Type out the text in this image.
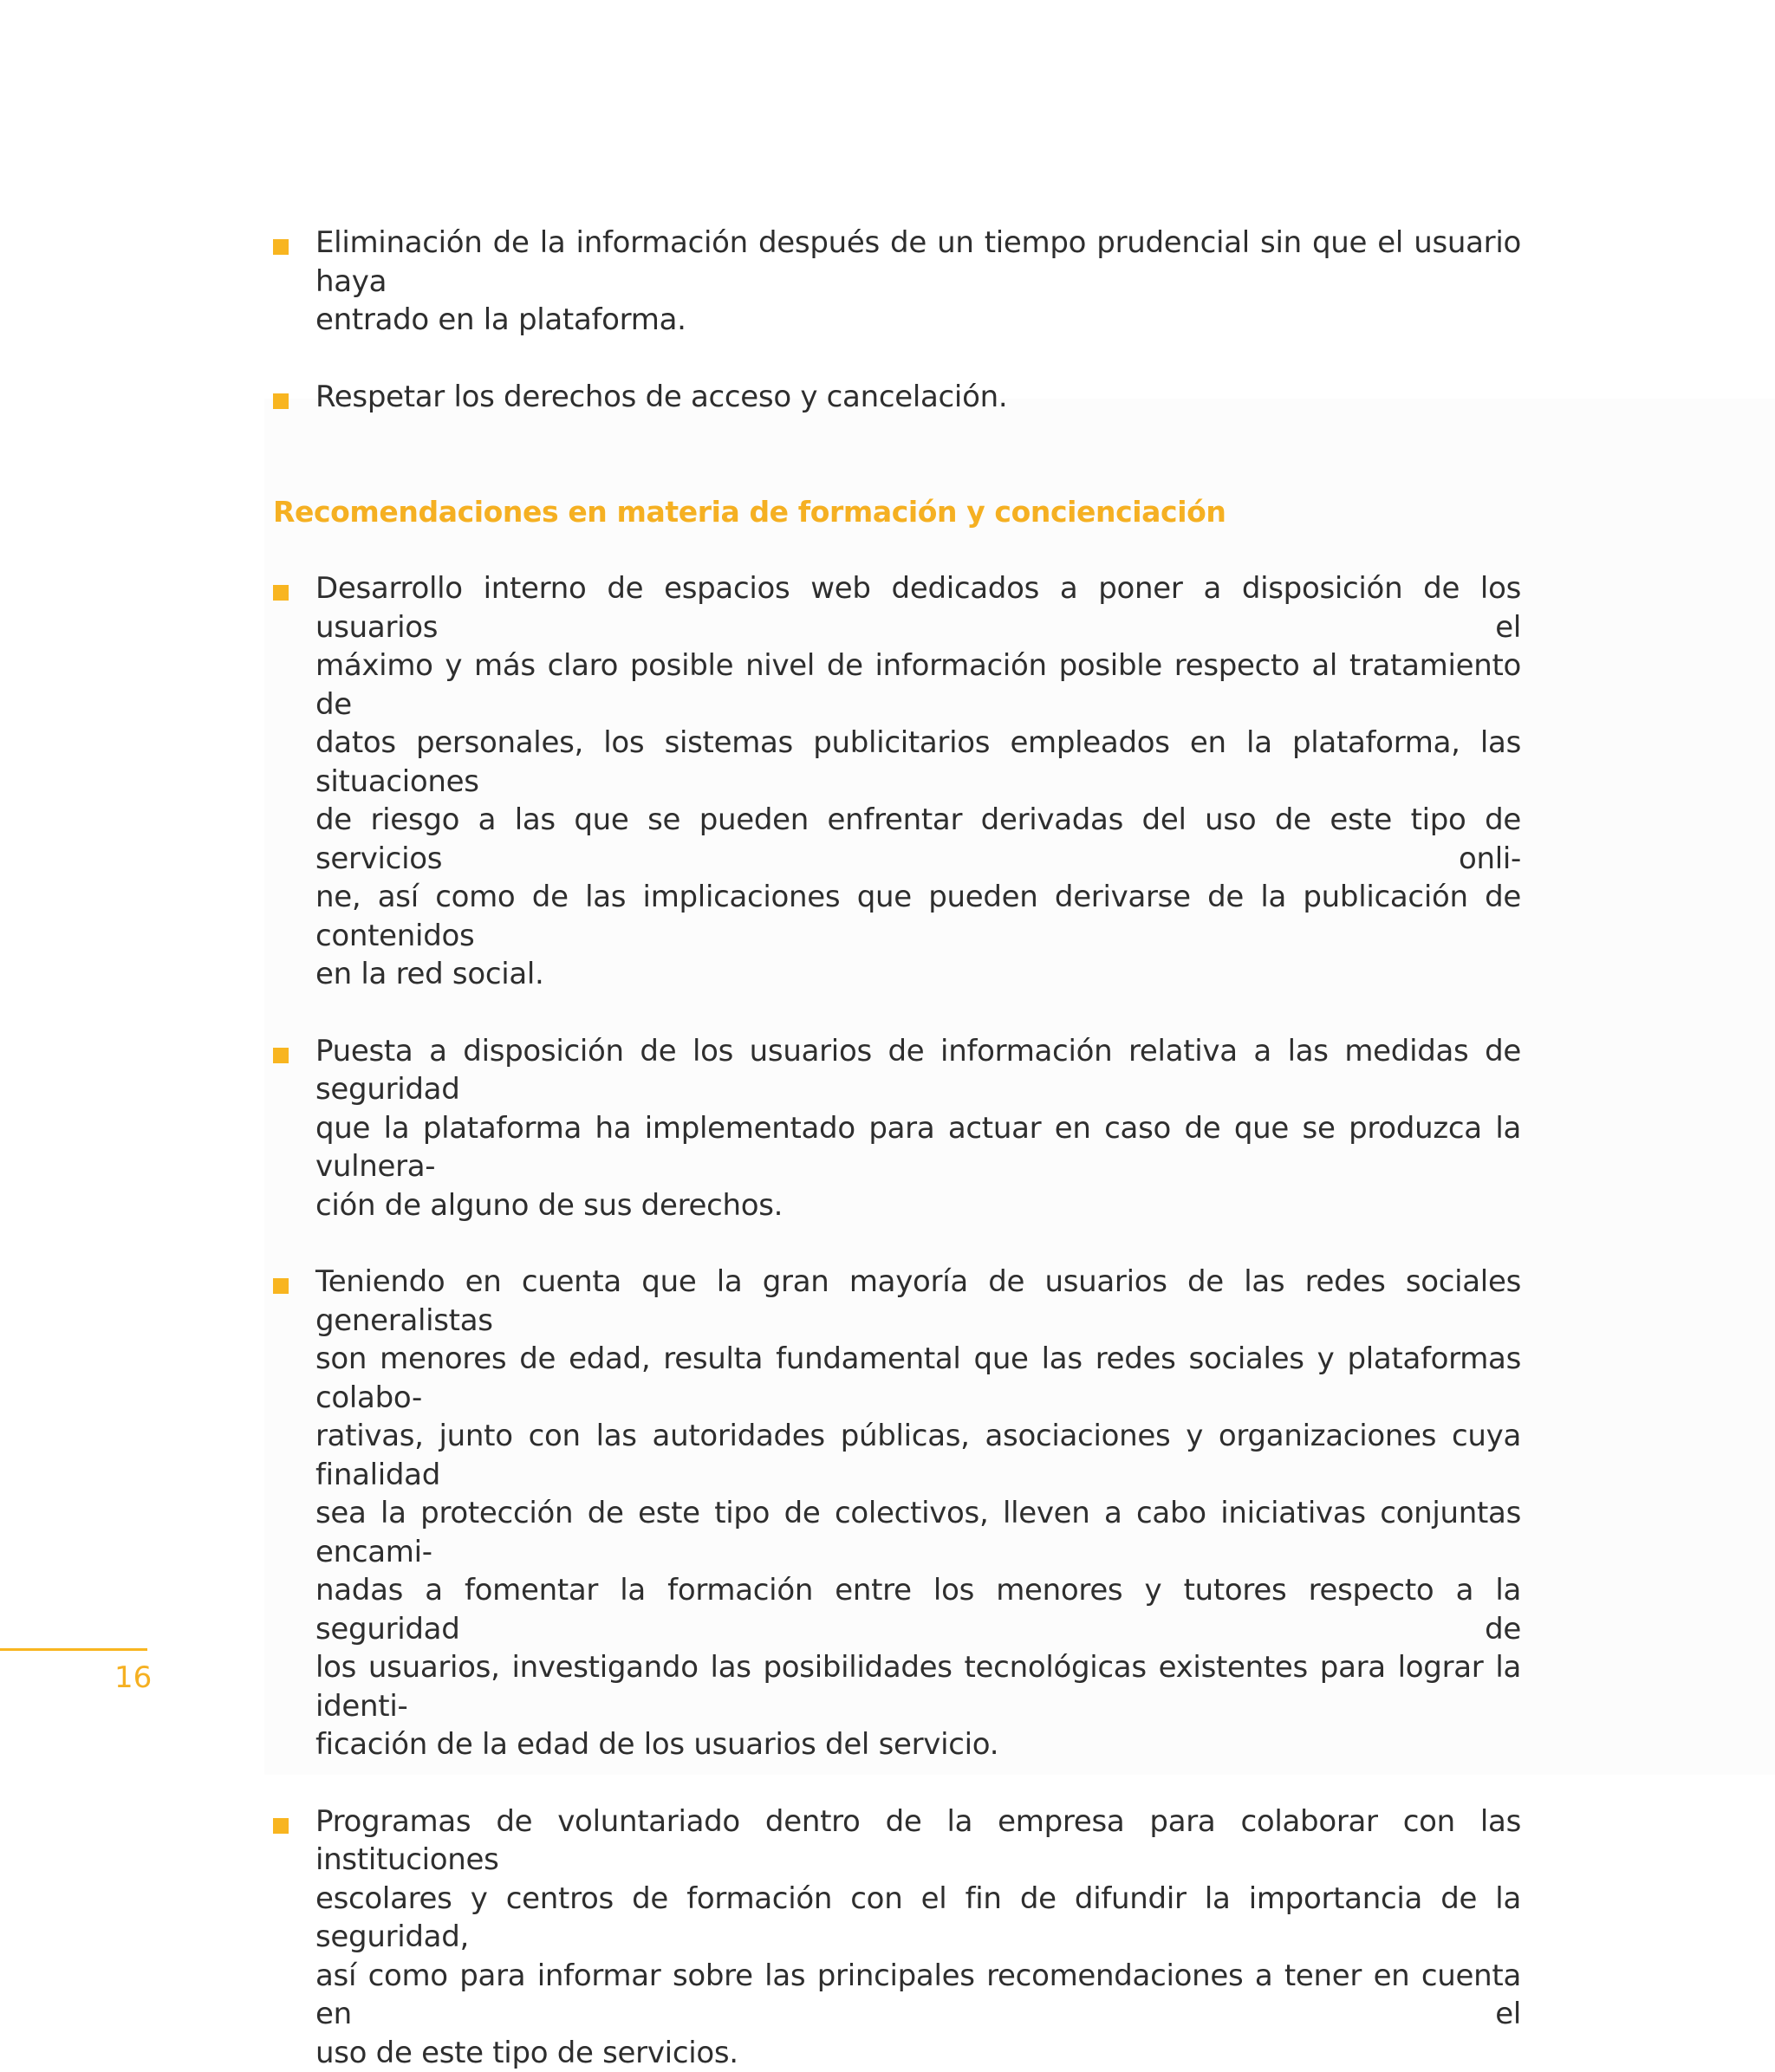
Eliminación de la información después de un tiempo prudencial sin que el usuario haya
entrado en la plataforma.
Respetar los derechos de acceso y cancelación.
Recomendaciones en materia de formación y concienciación
Desarrollo interno de espacios web dedicados a poner a disposición de los usuarios el
máximo y más claro posible nivel de información posible respecto al tratamiento de
datos personales, los sistemas publicitarios empleados en la plataforma, las situaciones
de riesgo a las que se pueden enfrentar derivadas del uso de este tipo de servicios onli-
ne, así como de las implicaciones que pueden derivarse de la publicación de contenidos
en la red social.
Puesta a disposición de los usuarios de información relativa a las medidas de seguridad
que la plataforma ha implementado para actuar en caso de que se produzca la vulnera-
ción de alguno de sus derechos.
Teniendo en cuenta que la gran mayoría de usuarios de las redes sociales generalistas
son menores de edad, resulta fundamental que las redes sociales y plataformas colabo-
rativas, junto con las autoridades públicas, asociaciones y organizaciones cuya finalidad
sea la protección de este tipo de colectivos, lleven a cabo iniciativas conjuntas encami-
nadas a fomentar la formación entre los menores y tutores respecto a la seguridad de
los usuarios, investigando las posibilidades tecnológicas existentes para lograr la identi-
ficación de la edad de los usuarios del servicio.
Programas de voluntariado dentro de la empresa para colaborar con las instituciones
escolares y centros de formación con el fin de difundir la importancia de la seguridad,
así como para informar sobre las principales recomendaciones a tener en cuenta en el
uso de este tipo de servicios.
16
